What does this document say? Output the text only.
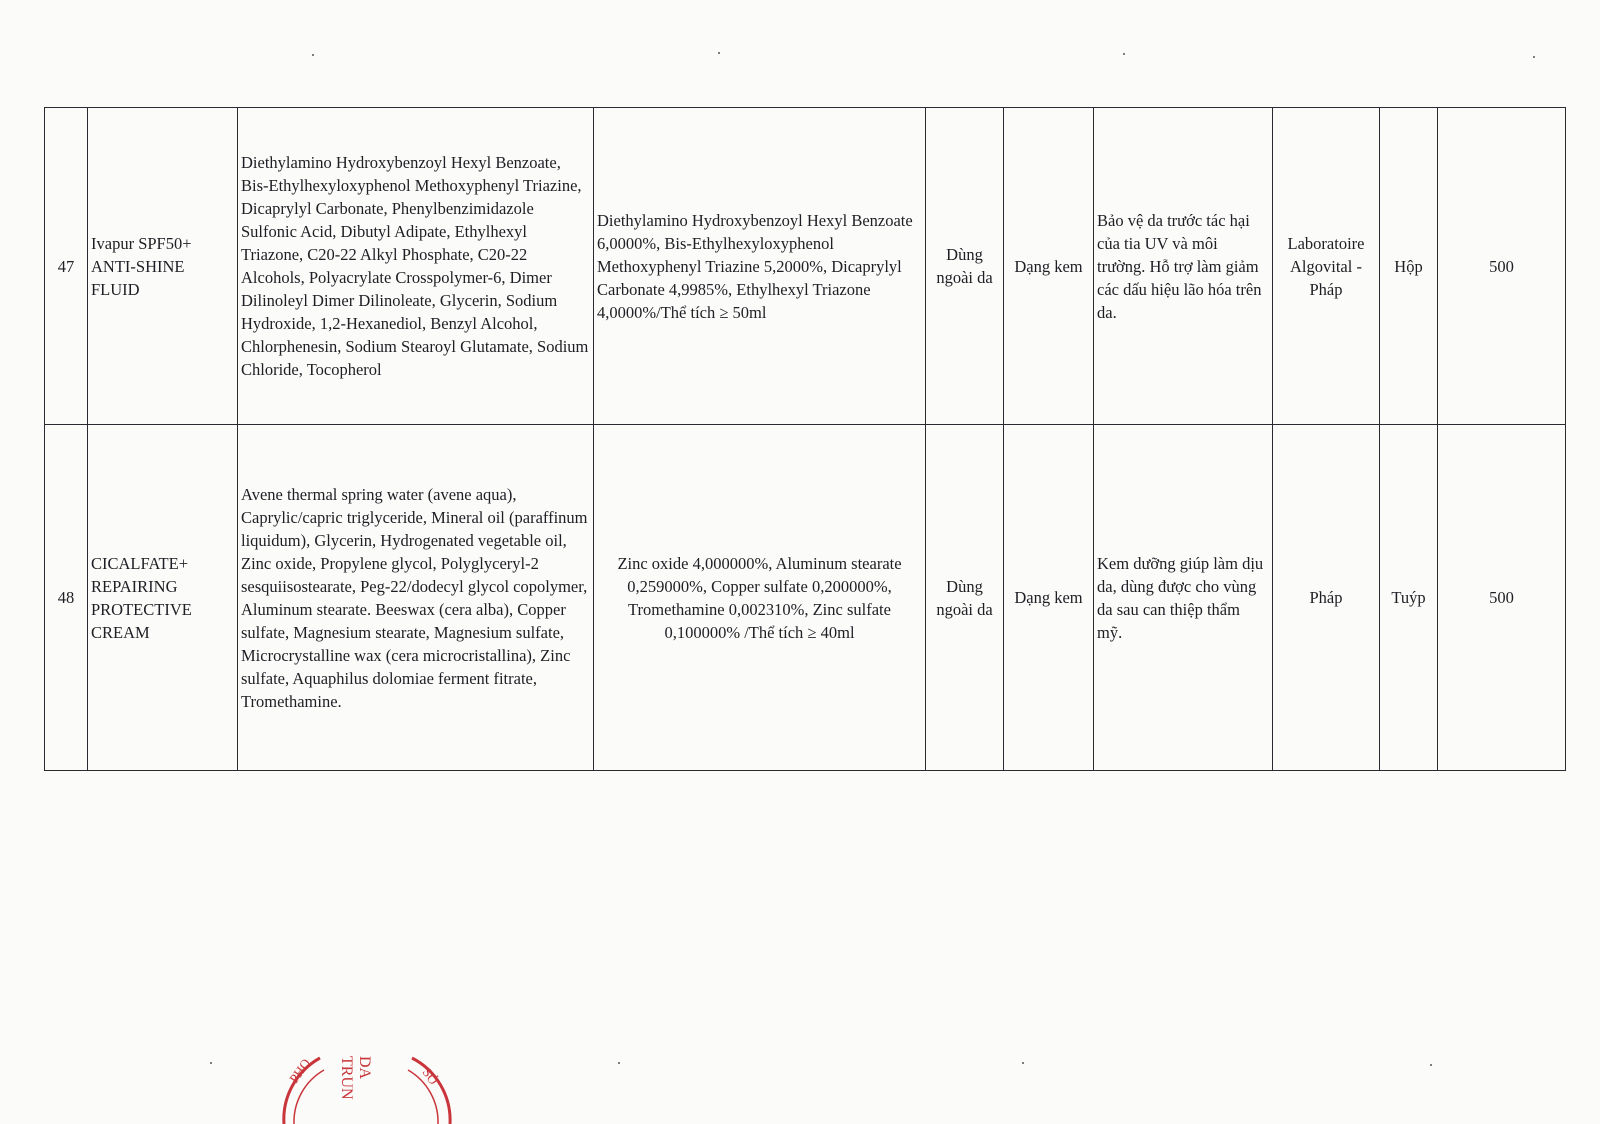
47	Ivapur SPF50+ ANTI-SHINE FLUID	Diethylamino Hydroxybenzoyl Hexyl Benzoate, Bis-Ethylhexyloxyphenol Methoxyphenyl Triazine, Dicaprylyl Carbonate, Phenylbenzimidazole Sulfonic Acid, Dibutyl Adipate, Ethylhexyl Triazone, C20-22 Alkyl Phosphate, C20-22 Alcohols, Polyacrylate Crosspolymer-6, Dimer Dilinoleyl Dimer Dilinoleate, Glycerin, Sodium Hydroxide, 1,2-Hexanediol, Benzyl Alcohol, Chlorphenesin, Sodium Stearoyl Glutamate, Sodium Chloride, Tocopherol	Diethylamino Hydroxybenzoyl Hexyl Benzoate 6,0000%, Bis-Ethylhexyloxyphenol Methoxyphenyl Triazine 5,2000%, Dicaprylyl Carbonate 4,9985%, Ethylhexyl Triazone 4,0000%/Thể tích ≥ 50ml	Dùng ngoài da	Dạng kem	Bảo vệ da trước tác hại của tia UV và môi trường. Hỗ trợ làm giảm các dấu hiệu lão hóa trên da.	Laboratoire Algovital - Pháp	Hộp	500
48	CICALFATE+ REPAIRING PROTECTIVE CREAM	Avene thermal spring water (avene aqua), Caprylic/capric triglyceride, Mineral oil (paraffinum liquidum), Glycerin, Hydrogenated vegetable oil, Zinc oxide, Propylene glycol, Polyglyceryl-2 sesquiisostearate, Peg-22/dodecyl glycol copolymer, Aluminum stearate. Beeswax (cera alba), Copper sulfate, Magnesium stearate, Magnesium sulfate, Microcrystalline wax (cera microcristallina), Zinc sulfate, Aquaphilus dolomiae ferment fitrate, Tromethamine.	Zinc oxide 4,000000%, Aluminum stearate 0,259000%, Copper sulfate 0,200000%, Tromethamine 0,002310%, Zinc sulfate 0,100000% /Thể tích ≥ 40ml	Dùng ngoài da	Dạng kem	Kem dưỡng giúp làm dịu da, dùng được cho vùng da sau can thiệp thẩm mỹ.	Pháp	Tuýp	500
PHO	SỞ
TRUN DA
